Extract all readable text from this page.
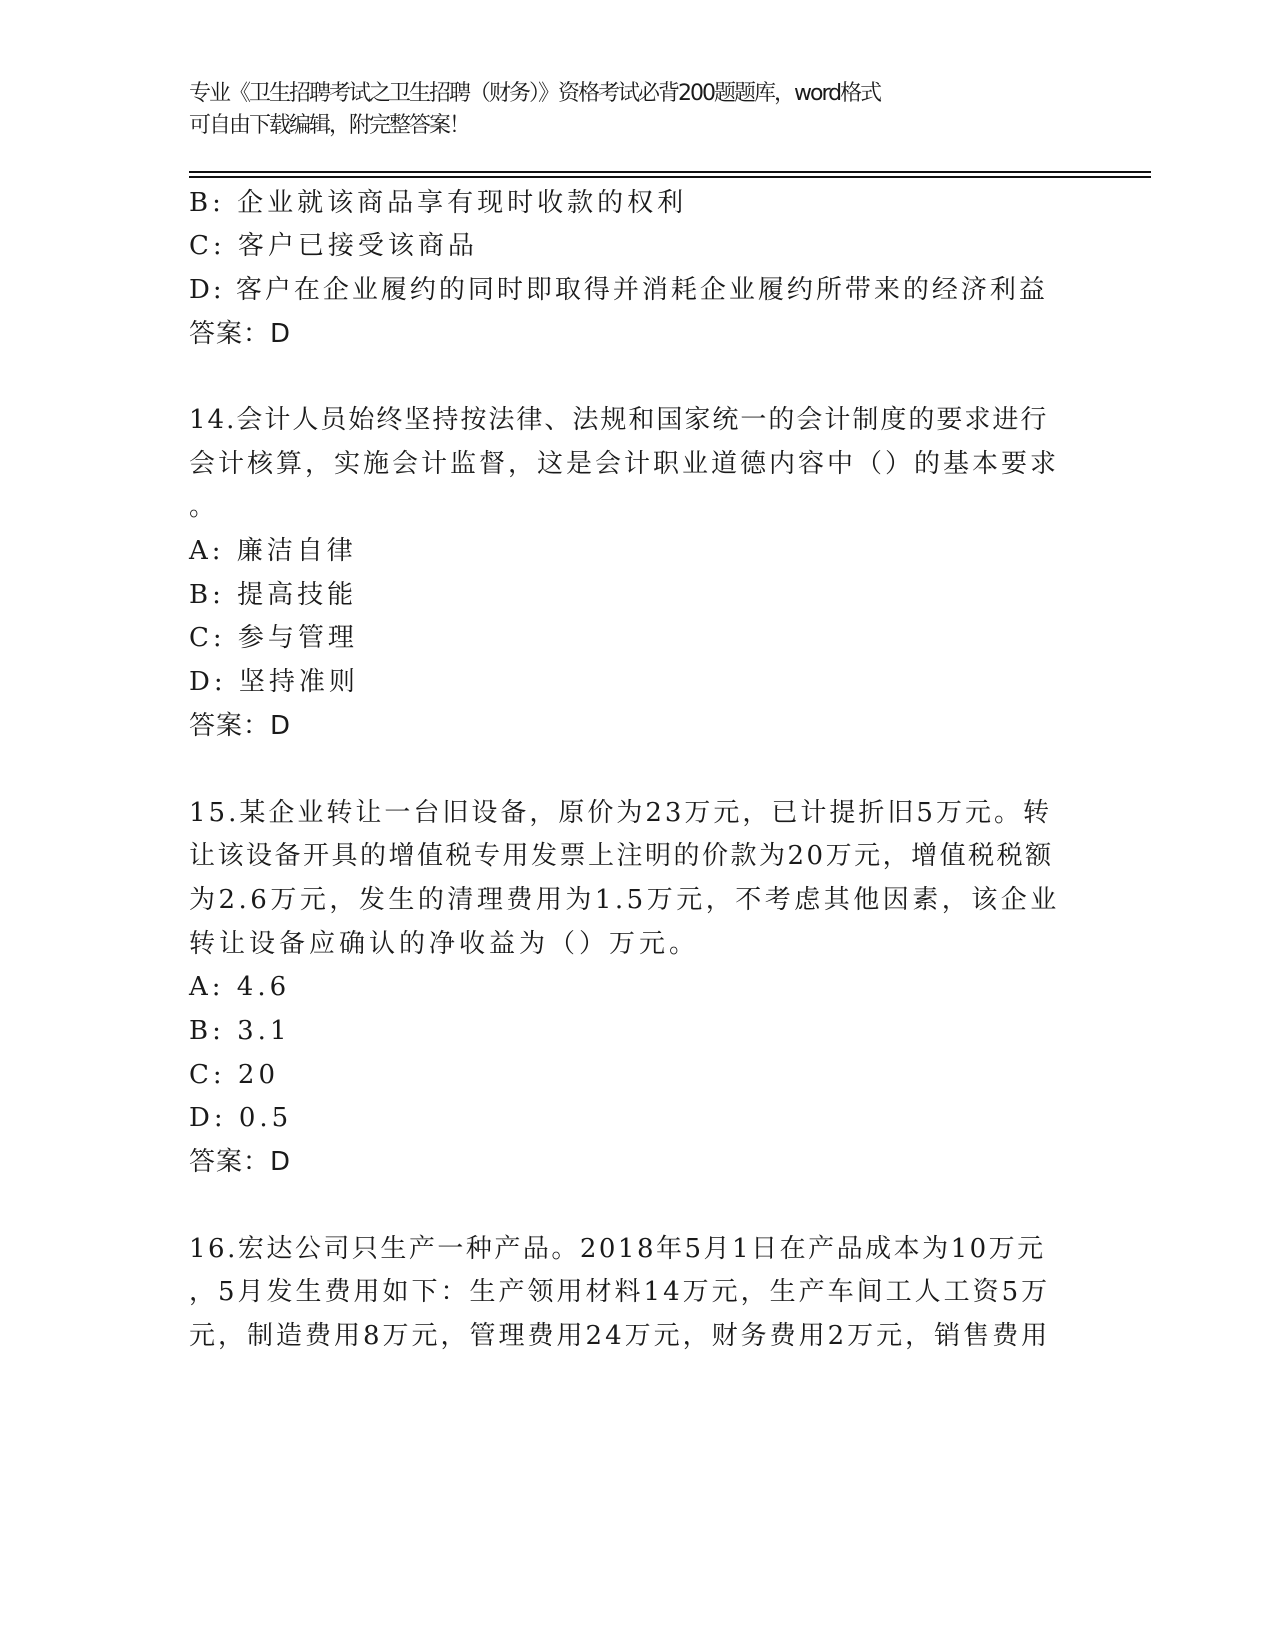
专业《卫生招聘考试之卫生招聘（财务）》资格考试必背200题题库，word格式
可自由下载编辑，附完整答案！
B: 企业就该商品享有现时收款的权利
C: 客户已接受该商品
D: 客户在企业履约的同时即取得并消耗企业履约所带来的经济利益
答案：D
14.会计人员始终坚持按法律、法规和国家统一的会计制度的要求进行
会计核算，实施会计监督，这是会计职业道德内容中（）的基本要求
。
A: 廉洁自律
B: 提高技能
C: 参与管理
D: 坚持准则
答案：D
15.某企业转让一台旧设备，原价为23万元，已计提折旧5万元。转
让该设备开具的增值税专用发票上注明的价款为20万元，增值税税额
为2.6万元，发生的清理费用为1.5万元，不考虑其他因素，该企业
转让设备应确认的净收益为（）万元。
A: 4.6
B: 3.1
C: 20
D: 0.5
答案：D
16.宏达公司只生产一种产品。2018年5月1日在产品成本为10万元
，5月发生费用如下：生产领用材料14万元，生产车间工人工资5万
元，制造费用8万元，管理费用24万元，财务费用2万元，销售费用
